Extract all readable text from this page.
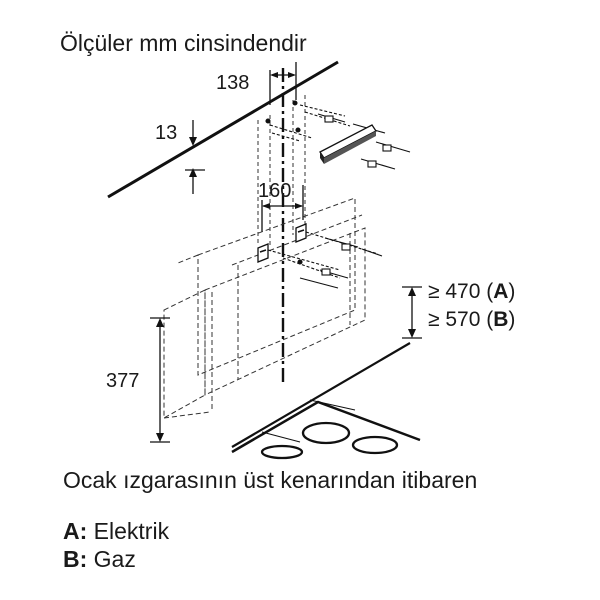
Ölçüler mm cinsindendir
138
13
160
377
≥ 470 (A)
≥ 570 (B)
Ocak ızgarasının üst kenarından itibaren
A: Elektrik
B: Gaz
